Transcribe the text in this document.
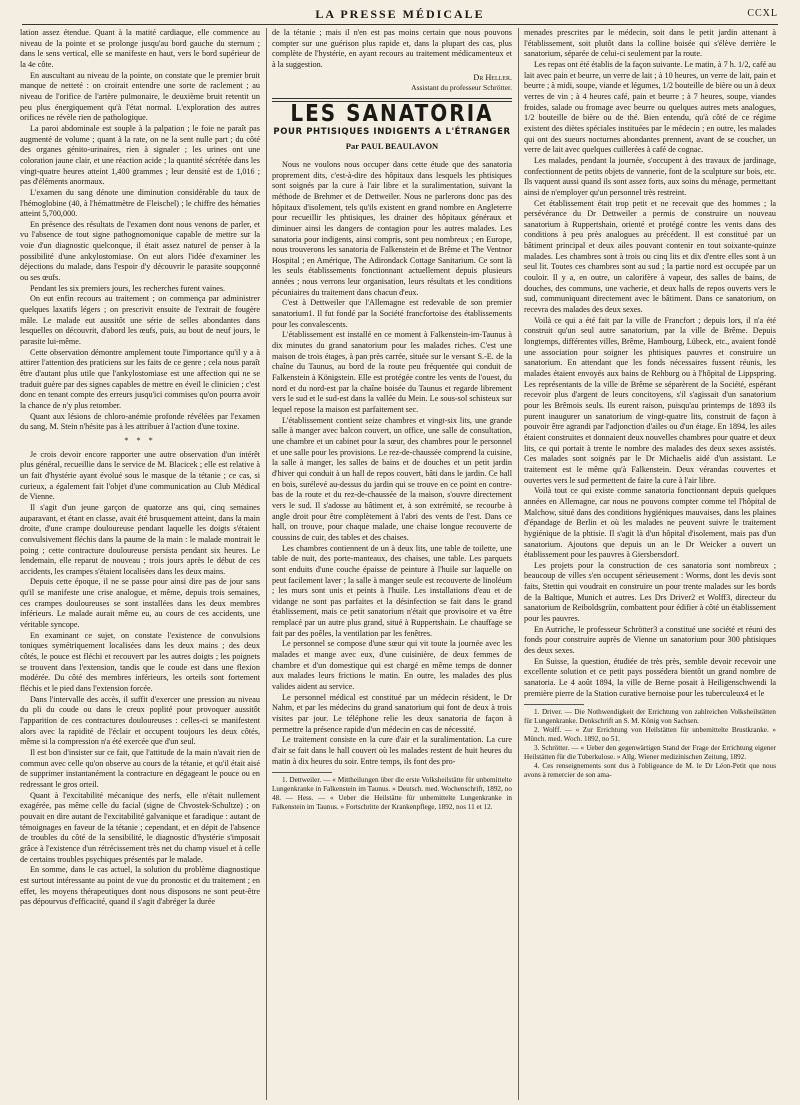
LA PRESSE MÉDICALE	CCXL

lation assez étendue. Quant à la matité cardiaque, elle commence au niveau de la pointe et se prolonge jusqu'au bord gauche du sternum ; dans le sens vertical, elle se manifeste en haut, vers le bord supérieur de la 4e côte.

En auscultant au niveau de la pointe, on constate que le premier bruit manque de netteté : on croirait entendre une sorte de raclement ; au niveau de l'orifice de l'artère pulmonaire, le deuxième bruit retentit un peu plus énergiquement qu'à l'état normal. L'exploration des autres orifices ne révèle rien de pathologique.

La paroi abdominale est souple à la palpation ; le foie ne paraît pas augmenté de volume ; quant à la rate, on ne la sent nulle part ; du côté des organes génito-urinaires, rien à signaler ; les urines ont une coloration jaune clair, et une réaction acide ; la quantité sécrétée dans les vingt-quatre heures atteint 1,400 grammes ; leur densité est de 1,016 ; pas d'éléments anormaux.

L'examen du sang dénote une diminution considérable du taux de l'hémoglobine (40, à l'hémattmètre de Fleischel) ; le chiffre des hématies atteint 5,700,000.

En présence des résultats de l'examen dont nous venons de parler, et vu l'absence de tout signe pathognomonique capable de mettre sur la voie d'un diagnostic quelconque, il était assez naturel de penser à la possibilité d'une ankylostomiase. On eut alors l'idée d'examiner les déjections du malade, dans l'espoir d'y découvrir le parasite soupçonné ou ses œufs.

Pendant les six premiers jours, les recherches furent vaines.

On eut enfin recours au traitement ; on commença par administrer quelques laxatifs légers ; on prescrivit ensuite de l'extrait de fougère mâle. Le malade eut aussitôt une série de selles abondantes dans lesquelles on découvrit, d'abord les œufs, puis, au bout de neuf jours, le parasite lui-même.

Cette observation démontre amplement toute l'importance qu'il y a à attirer l'attention des praticiens sur les faits de ce genre ; cela nous paraît être d'autant plus utile que l'ankylostomiase est une affection qui ne se traduit guère par des signes capables de mettre en éveil le clinicien ; c'est donc en tenant compte des erreurs jusqu'ici commises qu'on pourra avoir la chance de n'y plus retomber.

Quant aux lésions de chloro-anémie profonde révélées par l'examen du sang, M. Stein n'hésite pas à les attribuer à l'action d'une toxine.

* * *

Je crois devoir encore rapporter une autre observation d'un intérêt plus général, recueillie dans le service de M. Blacicek ; elle est relative à un fait d'hystérie ayant évolué sous le masque de la tétanie ; ce cas, si curieux, a également fait l'objet d'une communication au Club Médical de Vienne.

Il s'agit d'un jeune garçon de quatorze ans qui, cinq semaines auparavant, et étant en classe, avait été brusquement atteint, dans la main droite, d'une crampe douloureuse pendant laquelle les doigts s'étaient convulsivement fléchis dans la paume de la main : le malade montrait le poing ; cette contracture douloureuse persista pendant six heures. Le lendemain, elle reparut de nouveau ; trois jours après le début de ces accidents, les crampes s'étaient localisées dans les deux mains.

Depuis cette époque, il ne se passe pour ainsi dire pas de jour sans qu'il se manifeste une crise analogue, et même, depuis trois semaines, ces crampes douloureuses se sont installées dans les deux membres inférieurs. Le malade aurait même eu, au cours de ces accidents, une véritable syncope.

En examinant ce sujet, on constate l'existence de convulsions toniques symétriquement localisées dans les deux mains ; des deux côtés, le pouce est fléchi et recouvert par les autres doigts ; les poignets se trouvent dans l'extension, tandis que le coude est dans une flexion modérée. Du côté des membres inférieurs, les orteils sont fortement fléchis et le pied dans l'extension forcée.

Dans l'intervalle des accès, il suffit d'exercer une pression au niveau du pli du coude ou dans le creux poplité pour provoquer aussitôt l'apparition de ces contractures douloureuses : celles-ci se manifestent alors avec la rapidité de l'éclair et occupent toujours les deux côtés, même si la compression n'a été exercée que d'un seul.

Il est bon d'insister sur ce fait, que l'attitude de la main n'avait rien de commun avec celle qu'on observe au cours de la tétanie, et qu'il était aisé de supprimer instantanément la contracture en dégageant le pouce ou en redressant le gros orteil.

Quant à l'excitabilité mécanique des nerfs, elle n'était nullement exagérée, pas même celle du facial (signe de Chvostek-Schultze) ; on pouvait en dire autant de l'excitabilité galvanique et faradique : autant de témoignages en faveur de la tétanie ; cependant, et en dépit de l'absence de troubles du côté de la sensibilité, le diagnostic d'hystérie s'imposait grâce à l'existence d'un rétrécissement très net du champ visuel et à celle de certains troubles psychiques présentés par le malade.

En somme, dans le cas actuel, la solution du problème diagnostique est surtout intéressante au point de vue du pronostic et du traitement ; en effet, les moyens thérapeutiques dont nous disposons ne sont peut-être pas dépourvus d'efficacité, quand il s'agit d'abréger la durée

de la tétanie ; mais il n'en est pas moins certain que nous pouvons compter sur une guérison plus rapide et, dans la plupart des cas, plus complète de l'hystérie, en ayant recours au traitement médicamenteux et à la suggestion.

Dr Heller.
Assistant du professeur Schrötter.
LES SANATORIA
POUR PHTISIQUES INDIGENTS A L'ÉTRANGER
Par PAUL BEAULAVON

Nous ne voulons nous occuper dans cette étude que des sanatoria proprement dits, c'est-à-dire des hôpitaux dans lesquels les phtisiques sont soignés par la cure à l'air libre et la suralimentation, suivant la méthode de Brehmer et de Dettweiler. Nous ne parlerons donc pas des hôpitaux d'isolement, tels qu'ils existent en grand nombre en Angleterre pour recueillir les phtisiques, les drainer des hôpitaux généraux et diminuer ainsi les dangers de contagion pour les autres malades. Les sanatoria pour indigents, ainsi compris, sont peu nombreux ; en Europe, nous trouverons les sanatoria de Falkenstein et de Brême et The Ventnor Hospital ; en Amérique, The Adirondack Cottage Sanitarium. Ce sont là les seuls établissements fonctionnant actuellement depuis plusieurs années ; nous verrons leur organisation, leurs résultats et les conditions pécuniaires du traitement dans chacun d'eux.

C'est à Dettweiler que l'Allemagne est redevable de son premier sanatorium1. Il fut fondé par la Société francfortoise des établissements pour les convalescents.

L'établissement est installé en ce moment à Falkenstein-im-Taunus à dix minutes du grand sanatorium pour les malades riches. C'est une maison de trois étages, à pan près carrée, située sur le versant S.-E. de la chaîne du Taunus, au bord de la route peu fréquentée qui conduit de Falkenstein à Königstein. Elle est protégée contre les vents de l'ouest, du nord et du nord-est par la chaîne boisée du Taunus et regarde librement vers le sud et le sud-est dans la vallée du Mein. Le sous-sol schisteux sur lequel repose la maison est parfaitement sec.

L'établissement contient seize chambres et vingt-six lits, une grande salle à manger avec balcon couvert, un office, une salle de consultation, une chambre et un cabinet pour la sœur, des chambres pour le personnel et une salle pour les provisions. Le rez-de-chaussée comprend la cuisine, la salle à manger, les salles de bains et de douches et un petit jardin d'hiver qui conduit à un hall de repos couvert, bâti dans le jardin. Ce hall en bois, surélevé au-dessus du jardin qui se trouve en ce point en contre-bas de la route et du rez-de-chaussée de la maison, s'ouvre directement vers le sud. Il s'adosse au bâtiment et, à son extrémité, se recourbe à angle droit pour être complètement à l'abri des vents de l'est. Dans ce hall, on trouve, pour chaque malade, une chaise longue recouverte de coussins de cuir, des tables et des chaises.

Les chambres contiennent de un à deux lits, une table de toilette, une table de nuit, des porte-manteaux, des chaises, une table. Les parquets sont enduits d'une couche épaisse de peinture à l'huile sur laquelle on peut facilement laver ; la salle à manger seule est recouverte de linoléum ; les murs sont unis et peints à l'huile. Les installations d'eau et de vidange ne sont pas parfaites et la désinfection se fait dans le grand établissement, mais ce petit sanatorium n'était que provisoire et va être remplacé par un autre plus grand, situé à Ruppertshain. Le chauffage se fait par des poêles, la ventilation par les fenêtres.

Le personnel se compose d'une sœur qui vit toute la journée avec les malades et mange avec eux, d'une cuisinière, de deux femmes de chambre et d'un domestique qui est chargé en même temps de donner aux malades leurs frictions le matin. En outre, les malades des plus valides aident au service.

Le personnel médical est constitué par un médecin résident, le Dr Nahm, et par les médecins du grand sanatorium qui font de deux à trois visites par jour. Le téléphone relie les deux sanatoria de façon à permettre la présence rapide d'un médecin en cas de nécessité.

Le traitement consiste en la cure d'air et la suralimentation. La cure d'air se fait dans le hall couvert où les malades restent de huit heures du matin à dix heures du soir. Entre temps, ils font des pro-

1. Dettweiler. — « Mittheilungen über die erste Volksheilstätte für unbemittelte Lungenkranke in Falkenstein im Taunus. » Deutsch. med. Wochenschrift, 1892, no 48. — Hess. — « Ueber die Heilstätte für unbemittelte Lungenkranke in Falkenstein im Taunus. » Fortschritte der Krankenpflege, 1892, nos 11 et 12.

menades prescrites par le médecin, soit dans le petit jardin attenant à l'établissement, soit plutôt dans la colline boisée qui s'élève derrière le sanatorium, séparée de celui-ci seulement par la route.

Les repas ont été établis de la façon suivante. Le matin, à 7 h. 1/2, café au lait avec pain et beurre, un verre de lait ; à 10 heures, un verre de lait, pain et beurre ; à midi, soupe, viande et légumes, 1/2 bouteille de bière ou un à deux verres de vin ; à 4 heures café, pain et beurre ; à 7 heures, soupe, viandes froides, salade ou fromage avec beurre ou quelques autres mets analogues, 1/2 bouteille de bière ou de thé. Bien entendu, qu'à côté de ce régime existent des diètes spéciales instituées par le médecin ; en outre, les malades qui ont des sueurs nocturnes abondantes prennent, avant de se coucher, un verre de lait avec quelques cuillerées à café de cognac.

Les malades, pendant la journée, s'occupent à des travaux de jardinage, confectionnent de petits objets de vannerie, font de la sculpture sur bois, etc. Ils vaquent aussi quand ils sont assez forts, aux soins du ménage, permettant ainsi de n'employer qu'un personnel très restreint.

Cet établissement était trop petit et ne recevait que des hommes ; la persévérance du Dr Dettweiler a permis de construire un nouveau sanatorium à Ruppertshain, orienté et protégé contre les vents dans des conditions à peu près analogues au précédent. Il est constitué par un bâtiment principal et deux ailes pouvant contenir en tout soixante-quinze malades. Les chambres sont à trois ou cinq lits et dix d'entre elles sont à un seul lit. Toutes ces chambres sont au sud ; la partie nord est occupée par un couloir. Il y a, en outre, un calorifère à vapeur, des salles de bains, de douches, des communs, une vacherie, et deux halls de repos ouverts vers le sud, communiquant directement avec le bâtiment. Dans ce sanatorium, on recevra des malades des deux sexes.

Voilà ce qui a été fait par la ville de Francfort ; depuis lors, il n'a été construit qu'un seul autre sanatorium, par la ville de Brême. Depuis longtemps, différentes villes, Brême, Hambourg, Lübeck, etc., avaient fondé une association pour soigner les phtisiques pauvres et construire un sanatorium. En attendant que les fonds nécessaires fussent réunis, les malades étaient envoyés aux bains de Rehburg ou à l'hôpital de Lippspring. Les représentants de la ville de Brême se séparèrent de la Société, espérant recevoir plus d'argent de leurs concitoyens, s'il s'agissait d'un sanatorium pour les Brêmois seuls. Ils eurent raison, puisqu'au printemps de 1893 ils purent inaugurer un sanatorium de vingt-quatre lits, construit de façon à pouvoir être agrandi par l'adjonction d'ailes ou d'un étage. En 1894, les ailes étaient construites et donnaient deux nouvelles chambres pour quatre et deux lits, ce qui portait à trente le nombre des malades des deux sexes assistés. Ces malades sont soignés par le Dr Michaelis aidé d'un assistant. Le traitement est le même qu'à Falkenstein. Deux vérandas couvertes et ouvertes vers le sud permettent de faire la cure à l'air libre.

Voilà tout ce qui existe comme sanatoria fonctionnant depuis quelques années en Allemagne, car nous ne pouvons compter comme tel l'hôpital de Malchow, situé dans des conditions hygiéniques mauvaises, dans les plaines d'épandage de Berlin et où les malades ne peuvent suivre le traitement hygiénique de la phtisie. Il s'agit là d'un hôpital d'isolement, mais pas d'un sanatorium. Ajoutons que depuis un an le Dr Weicker a ouvert un établissement pour les pauvres à Giersbersdorf.

Les projets pour la construction de ces sanatoria sont nombreux ; beaucoup de villes s'en occupent sérieusement : Worms, dont les devis sont faits, Stettin qui voudrait en construire un pour trente malades sur les bords de la Baltique, Munich et autres. Les Drs Driver2 et Wolff3, directeur du sanatorium de Reiboldsgrün, combattent pour édifier à côté un établissement pour les pauvres.

En Autriche, le professeur Schrötter3 a constitué une société et réuni des fonds pour construire auprès de Vienne un sanatorium pour 300 phtisiques des deux sexes.

En Suisse, la question, étudiée de très près, semble devoir recevoir une excellente solution et ce petit pays possédera bientôt un grand nombre de sanatoria. Le 4 août 1894, la ville de Berne posait à Heiligenschwendi la première pierre de la Station curative bernoise pour les tuberculeux4 et le

1. Driver. — Die Nothwendigkeit der Errichtung von zahlreichen Volksheilstätten für Lungenkranke. Denkschrift an S. M. König von Sachsen.

2. Wolff. — « Zur Errichtung von Heilstätten für unbemittelte Brustkranke. » Münch. med. Woch. 1892, no 51.

3. Schrötter. — « Ueber den gegenwärtigen Stand der Frage der Errichtung eigener Heilstätten für die Tuberkulose. » Allg. Wiener medizinischen Zeitung, 1892.

4. Ces renseignements sont dus à l'obligeance de M. le Dr Léon-Petit que nous avons à remercier de son ama-
